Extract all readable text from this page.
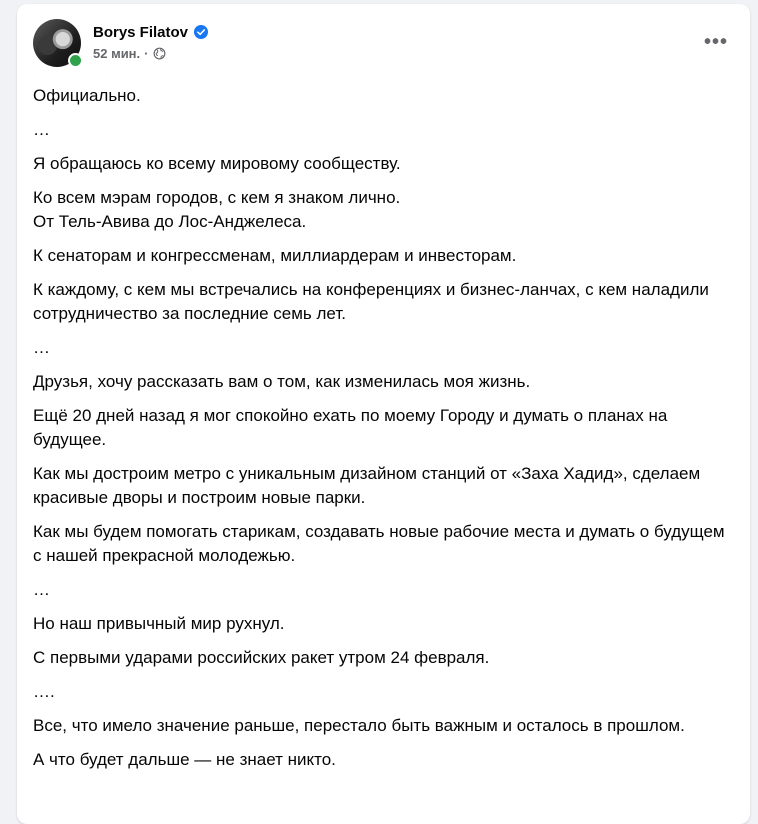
Borys Filatov
52 мин. ·
•••

Официально.

…

Я обращаюсь ко всему мировому сообществу.

Ко всем мэрам городов, с кем я знаком лично.
От Тель-Авива до Лос-Анджелеса.

К сенаторам и конгрессменам, миллиардерам и инвесторам.

К каждому, с кем мы встречались на конференциях и бизнес-ланчах, с кем наладили сотрудничество за последние семь лет.

…

Друзья, хочу рассказать вам о том, как изменилась моя жизнь.

Ещё 20 дней назад я мог спокойно ехать по моему Городу и думать о планах на будущее.

Как мы достроим метро с уникальным дизайном станций от «Заха Хадид», сделаем красивые дворы и построим новые парки.

Как мы будем помогать старикам, создавать новые рабочие места и думать о будущем с нашей прекрасной молодежью.

…

Но наш привычный мир рухнул.

С первыми ударами российских ракет утром 24 февраля.

….

Все, что имело значение раньше, перестало быть важным и осталось в прошлом.

А что будет дальше — не знает никто.
